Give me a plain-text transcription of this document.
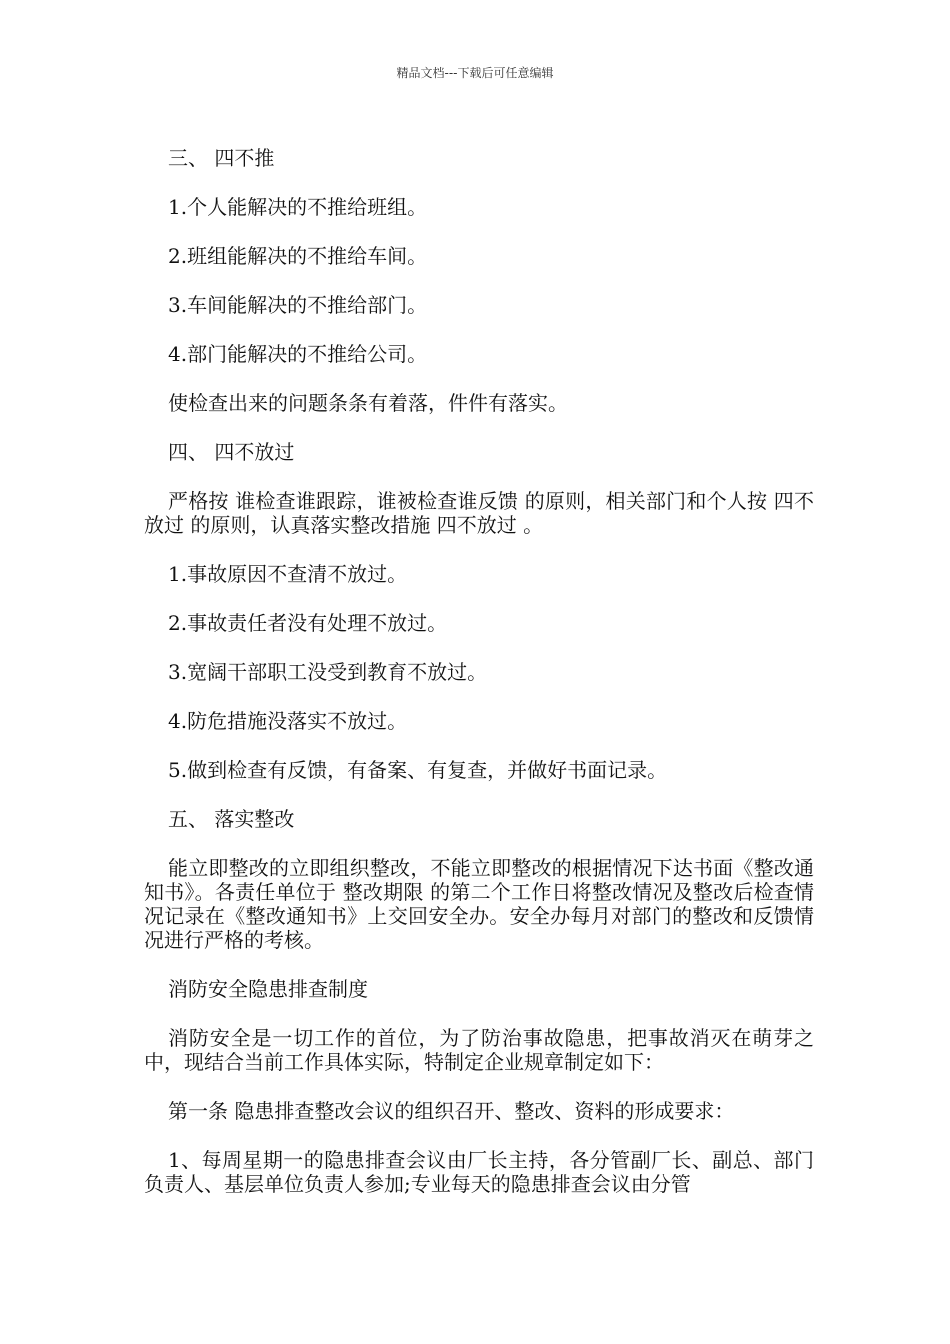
精品文档---下载后可任意编辑

三、 四不推

1.个人能解决的不推给班组。

2.班组能解决的不推给车间。

3.车间能解决的不推给部门。

4.部门能解决的不推给公司。

使检查出来的问题条条有着落，件件有落实。

四、 四不放过

严格按 谁检查谁跟踪，谁被检查谁反馈 的原则，相关部门和个人按 四不放过 的原则，认真落实整改措施 四不放过 。

1.事故原因不查清不放过。

2.事故责任者没有处理不放过。

3.宽阔干部职工没受到教育不放过。

4.防危措施没落实不放过。

5.做到检查有反馈，有备案、有复查，并做好书面记录。

五、 落实整改

能立即整改的立即组织整改，不能立即整改的根据情况下达书面《整改通知书》。各责任单位于 整改期限 的第二个工作日将整改情况及整改后检查情况记录在《整改通知书》上交回安全办。安全办每月对部门的整改和反馈情况进行严格的考核。

消防安全隐患排查制度

消防安全是一切工作的首位，为了防治事故隐患，把事故消灭在萌芽之中，现结合当前工作具体实际，特制定企业规章制定如下：

第一条 隐患排查整改会议的组织召开、整改、资料的形成要求：

1、每周星期一的隐患排查会议由厂长主持，各分管副厂长、副总、部门负责人、基层单位负责人参加;专业每天的隐患排查会议由分管
